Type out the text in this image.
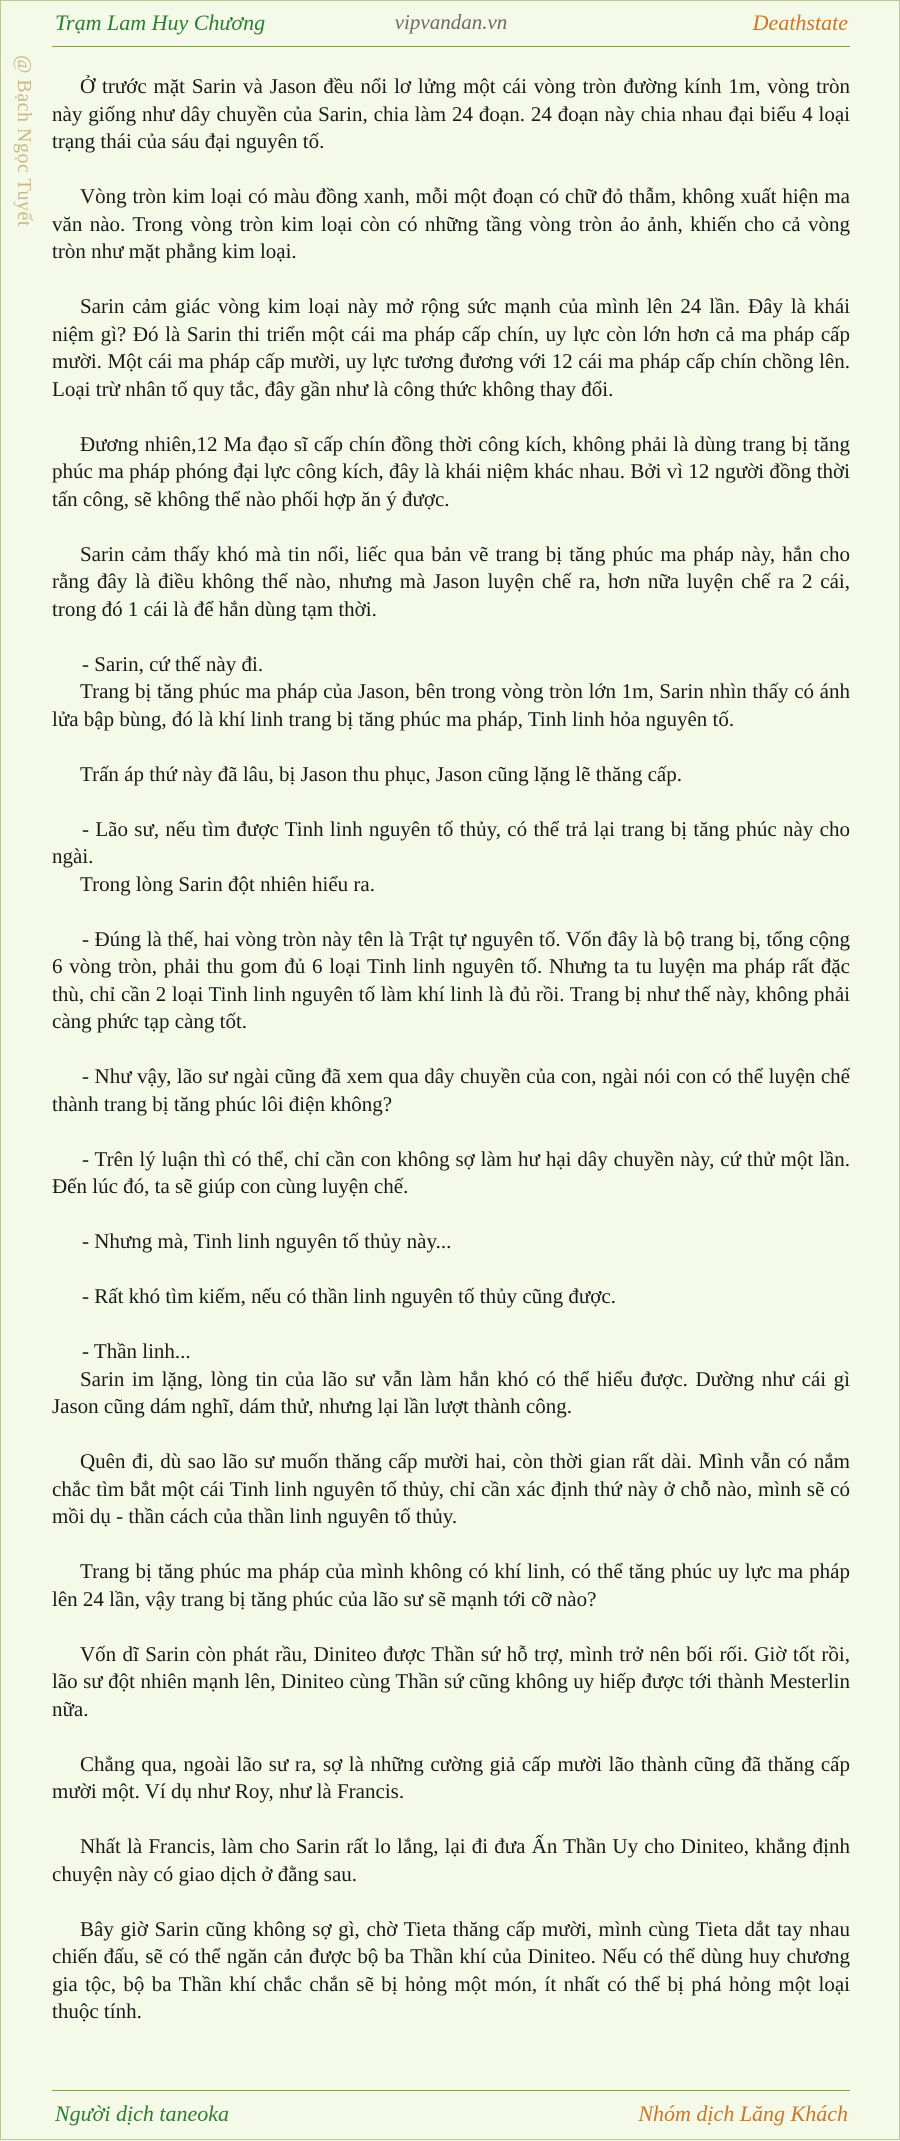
Trạm Lam Huy Chương	vipvandan.vn	Deathstate
@ Bạch Ngọc Tuyết	Ở trước mặt Sarin và Jason đều nổi lơ lửng một cái vòng tròn đường kính 1m, vòng tròn này giống như dây chuyền của Sarin, chia làm 24 đoạn. 24 đoạn này chia nhau đại biểu 4 loại trạng thái của sáu đại nguyên tố.

Vòng tròn kim loại có màu đồng xanh, mỗi một đoạn có chữ đỏ thẫm, không xuất hiện ma văn nào. Trong vòng tròn kim loại còn có những tầng vòng tròn ảo ảnh, khiến cho cả vòng tròn như mặt phẳng kim loại.

Sarin cảm giác vòng kim loại này mở rộng sức mạnh của mình lên 24 lần. Đây là khái niệm gì? Đó là Sarin thi triển một cái ma pháp cấp chín, uy lực còn lớn hơn cả ma pháp cấp mười. Một cái ma pháp cấp mười, uy lực tương đương với 12 cái ma pháp cấp chín chồng lên. Loại trừ nhân tố quy tắc, đây gần như là công thức không thay đổi.

Đương nhiên,12 Ma đạo sĩ cấp chín đồng thời công kích, không phải là dùng trang bị tăng phúc ma pháp phóng đại lực công kích, đây là khái niệm khác nhau. Bởi vì 12 người đồng thời tấn công, sẽ không thể nào phối hợp ăn ý được.

Sarin cảm thấy khó mà tin nổi, liếc qua bản vẽ trang bị tăng phúc ma pháp này, hắn cho rằng đây là điều không thể nào, nhưng mà Jason luyện chế ra, hơn nữa luyện chế ra 2 cái, trong đó 1 cái là để hắn dùng tạm thời.

- Sarin, cứ thế này đi.

Trang bị tăng phúc ma pháp của Jason, bên trong vòng tròn lớn 1m, Sarin nhìn thấy có ánh lửa bập bùng, đó là khí linh trang bị tăng phúc ma pháp, Tinh linh hỏa nguyên tố.

Trấn áp thứ này đã lâu, bị Jason thu phục, Jason cũng lặng lẽ thăng cấp.

- Lão sư, nếu tìm được Tinh linh nguyên tố thủy, có thể trả lại trang bị tăng phúc này cho ngài.

Trong lòng Sarin đột nhiên hiểu ra.

- Đúng là thế, hai vòng tròn này tên là Trật tự nguyên tố. Vốn đây là bộ trang bị, tổng cộng 6 vòng tròn, phải thu gom đủ 6 loại Tinh linh nguyên tố. Nhưng ta tu luyện ma pháp rất đặc thù, chỉ cần 2 loại Tinh linh nguyên tố làm khí linh là đủ rồi. Trang bị như thế này, không phải càng phức tạp càng tốt.

- Như vậy, lão sư ngài cũng đã xem qua dây chuyền của con, ngài nói con có thể luyện chế thành trang bị tăng phúc lôi điện không?

- Trên lý luận thì có thể, chỉ cần con không sợ làm hư hại dây chuyền này, cứ thử một lần. Đến lúc đó, ta sẽ giúp con cùng luyện chế.

- Nhưng mà, Tinh linh nguyên tố thủy này...

- Rất khó tìm kiếm, nếu có thần linh nguyên tố thủy cũng được.

- Thần linh...

Sarin im lặng, lòng tin của lão sư vẫn làm hắn khó có thể hiểu được. Dường như cái gì Jason cũng dám nghĩ, dám thử, nhưng lại lần lượt thành công.

Quên đi, dù sao lão sư muốn thăng cấp mười hai, còn thời gian rất dài. Mình vẫn có nắm chắc tìm bắt một cái Tinh linh nguyên tố thủy, chỉ cần xác định thứ này ở chỗ nào, mình sẽ có mồi dụ - thần cách của thần linh nguyên tố thủy.

Trang bị tăng phúc ma pháp của mình không có khí linh, có thể tăng phúc uy lực ma pháp lên 24 lần, vậy trang bị tăng phúc của lão sư sẽ mạnh tới cỡ nào?

Vốn dĩ Sarin còn phát rầu, Diniteo được Thần sứ hỗ trợ, mình trở nên bối rối. Giờ tốt rồi, lão sư đột nhiên mạnh lên, Diniteo cùng Thần sứ cũng không uy hiếp được tới thành Mesterlin nữa.

Chẳng qua, ngoài lão sư ra, sợ là những cường giả cấp mười lão thành cũng đã thăng cấp mười một. Ví dụ như Roy, như là Francis.

Nhất là Francis, làm cho Sarin rất lo lắng, lại đi đưa Ấn Thần Uy cho Diniteo, khẳng định chuyện này có giao dịch ở đằng sau.

Bây giờ Sarin cũng không sợ gì, chờ Tieta thăng cấp mười, mình cùng Tieta dắt tay nhau chiến đấu, sẽ có thể ngăn cản được bộ ba Thần khí của Diniteo. Nếu có thể dùng huy chương gia tộc, bộ ba Thần khí chắc chắn sẽ bị hỏng một món, ít nhất có thể bị phá hỏng một loại thuộc tính.

Người dịch taneoka	Nhóm dịch Lăng Khách
